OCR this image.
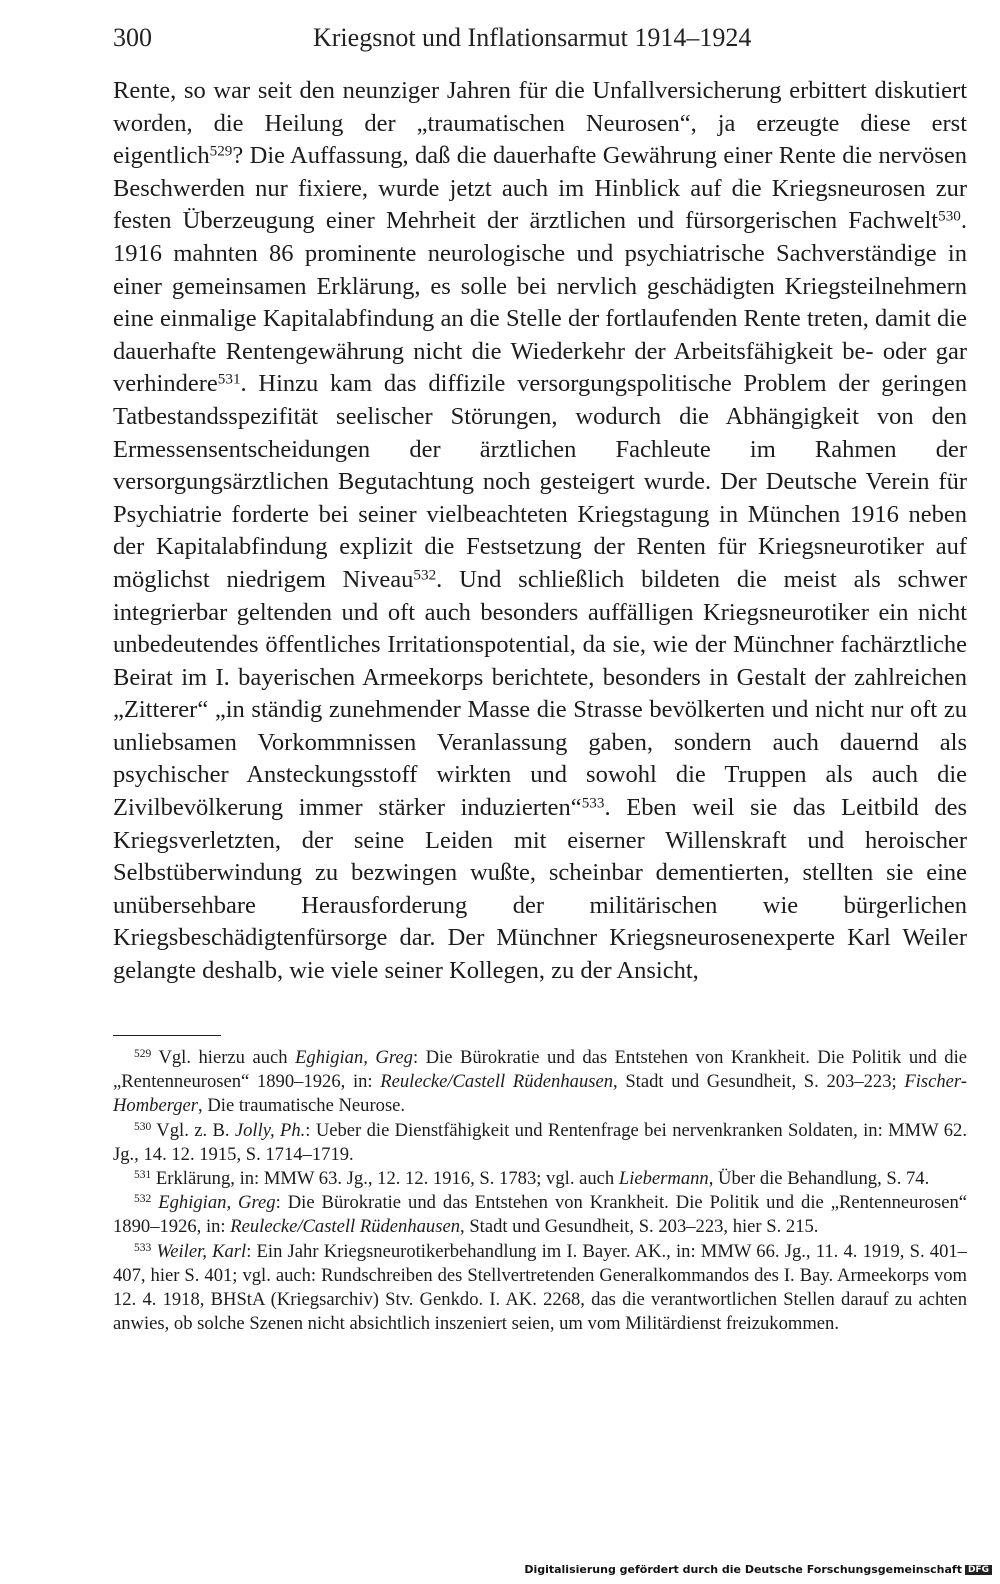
300	Kriegsnot und Inflationsarmut 1914–1924
Rente, so war seit den neunziger Jahren für die Unfallversicherung erbittert diskutiert worden, die Heilung der „traumatischen Neurosen“, ja erzeugte diese erst eigentlich$^{529}$? Die Auffassung, daß die dauerhafte Gewährung einer Rente die nervösen Beschwerden nur fixiere, wurde jetzt auch im Hinblick auf die Kriegsneurosen zur festen Überzeugung einer Mehrheit der ärztlichen und fürsorgerischen Fachwelt$^{530}$. 1916 mahnten 86 prominente neurologische und psychiatrische Sachverständige in einer gemeinsamen Erklärung, es solle bei nervlich geschädigten Kriegsteilnehmern eine einmalige Kapitalabfindung an die Stelle der fortlaufenden Rente treten, damit die dauerhafte Rentengewährung nicht die Wiederkehr der Arbeitsfähigkeit be- oder gar verhindere$^{531}$. Hinzu kam das diffizile versorgungspolitische Problem der geringen Tatbestandsspezifität seelischer Störungen, wodurch die Abhängigkeit von den Ermessensentscheidungen der ärztlichen Fachleute im Rahmen der versorgungsärztlichen Begutachtung noch gesteigert wurde. Der Deutsche Verein für Psychiatrie forderte bei seiner vielbeachteten Kriegstagung in München 1916 neben der Kapitalabfindung explizit die Festsetzung der Renten für Kriegsneurotiker auf möglichst niedrigem Niveau$^{532}$. Und schließlich bildeten die meist als schwer integrierbar geltenden und oft auch besonders auffälligen Kriegsneurotiker ein nicht unbedeutendes öffentliches Irritationspotential, da sie, wie der Münchner fachärztliche Beirat im I. bayerischen Armeekorps berichtete, besonders in Gestalt der zahlreichen „Zitterer“ „in ständig zunehmender Masse die Strasse bevölkerten und nicht nur oft zu unliebsamen Vorkommnissen Veranlassung gaben, sondern auch dauernd als psychischer Ansteckungsstoff wirkten und sowohl die Truppen als auch die Zivilbevölkerung immer stärker induzierten“$^{533}$. Eben weil sie das Leitbild des Kriegsverletzten, der seine Leiden mit eiserner Willenskraft und heroischer Selbstüberwindung zu bezwingen wußte, scheinbar dementierten, stellten sie eine unübersehbare Herausforderung der militärischen wie bürgerlichen Kriegsbeschädigtenfürsorge dar. Der Münchner Kriegsneurosenexperte Karl Weiler gelangte deshalb, wie viele seiner Kollegen, zu der Ansicht,

$^{529}$ Vgl. hierzu auch Eghigian, Greg: Die Bürokratie und das Entstehen von Krankheit. Die Politik und die „Rentenneurosen“ 1890–1926, in: Reulecke/Castell Rüdenhausen, Stadt und Gesundheit, S. 203–223; Fischer-Homberger, Die traumatische Neurose.

$^{530}$ Vgl. z. B. Jolly, Ph.: Ueber die Dienstfähigkeit und Rentenfrage bei nervenkranken Soldaten, in: MMW 62. Jg., 14. 12. 1915, S. 1714–1719.

$^{531}$ Erklärung, in: MMW 63. Jg., 12. 12. 1916, S. 1783; vgl. auch Liebermann, Über die Behandlung, S. 74.

$^{532}$ Eghigian, Greg: Die Bürokratie und das Entstehen von Krankheit. Die Politik und die „Rentenneurosen“ 1890–1926, in: Reulecke/Castell Rüdenhausen, Stadt und Gesundheit, S. 203–223, hier S. 215.

$^{533}$ Weiler, Karl: Ein Jahr Kriegsneurotikerbehandlung im I. Bayer. AK., in: MMW 66. Jg., 11. 4. 1919, S. 401–407, hier S. 401; vgl. auch: Rundschreiben des Stellvertretenden Generalkommandos des I. Bay. Armeekorps vom 12. 4. 1918, BHStA (Kriegsarchiv) Stv. Genkdo. I. AK. 2268, das die verantwortlichen Stellen darauf zu achten anwies, ob solche Szenen nicht absichtlich inszeniert seien, um vom Militärdienst freizukommen.

Digitalisierung gefördert durch die Deutsche Forschungsgemeinschaft DFG
